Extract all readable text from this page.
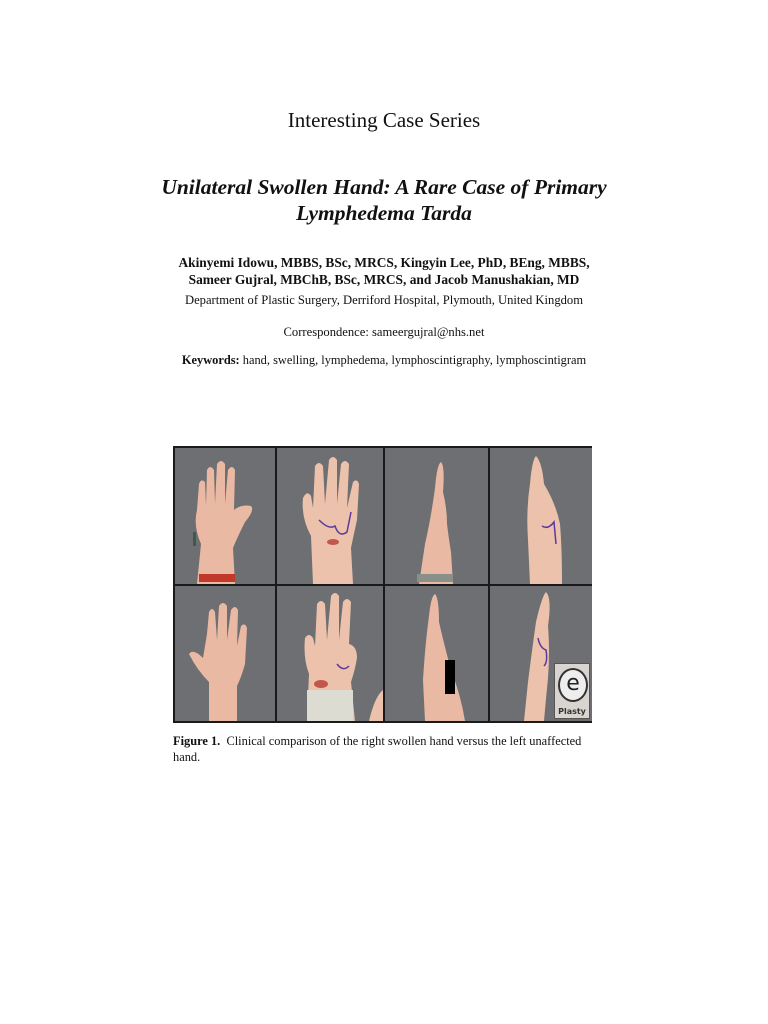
Interesting Case Series
Unilateral Swollen Hand: A Rare Case of Primary
Lymphedema Tarda
Akinyemi Idowu, MBBS, BSc, MRCS, Kingyin Lee, PhD, BEng, MBBS,
Sameer Gujral, MBChB, BSc, MRCS, and Jacob Manushakian, MD
Department of Plastic Surgery, Derriford Hospital, Plymouth, United Kingdom
Correspondence: sameergujral@nhs.net
Keywords: hand, swelling, lymphedema, lymphoscintigraphy, lymphoscintigram
e
Plasty
Figure 1. Clinical comparison of the right swollen hand versus the left unaffected hand.
